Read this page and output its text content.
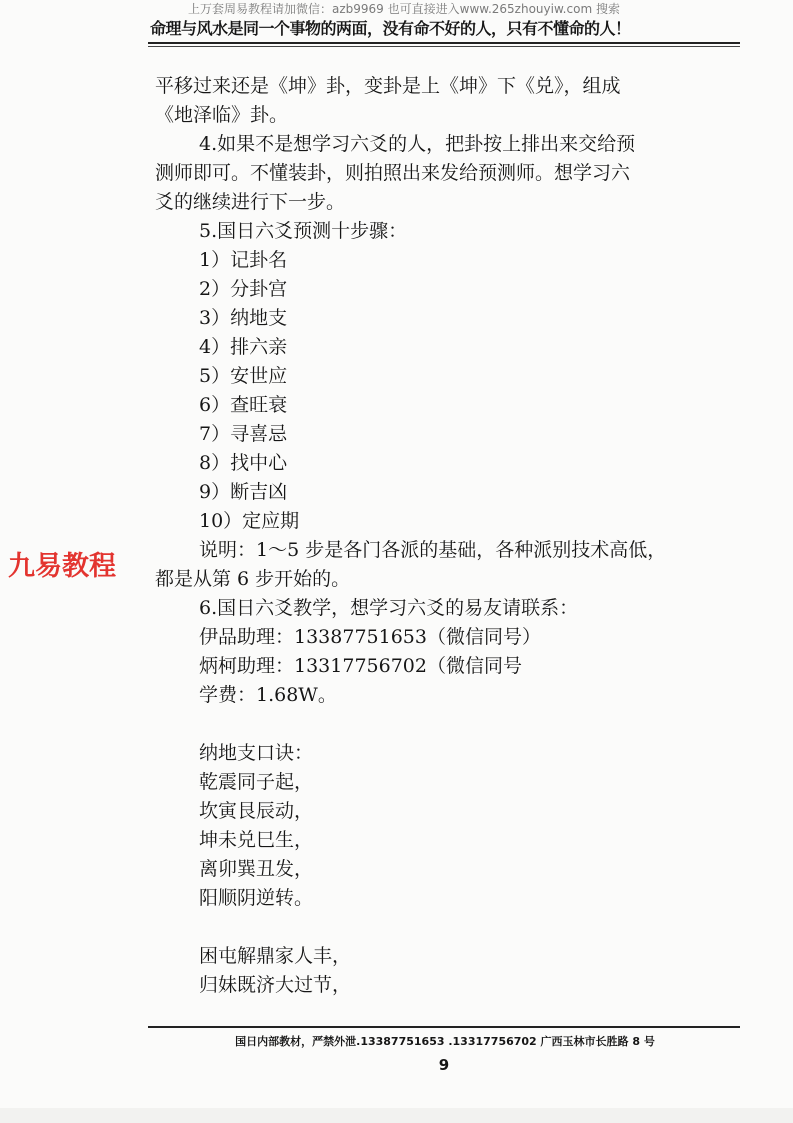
上万套周易教程请加微信：azb9969 也可直接进入www.265zhouyiw.com 搜索
命理与风水是同一个事物的两面，没有命不好的人，只有不懂命的人！
九易教程
平移过来还是《坤》卦，变卦是上《坤》下《兑》，组成
《地泽临》卦。
4.如果不是想学习六爻的人，把卦按上排出来交给预
测师即可。不懂装卦，则拍照出来发给预测师。想学习六
爻的继续进行下一步。
5.国日六爻预测十步骤：
1）记卦名
2）分卦宫
3）纳地支
4）排六亲
5）安世应
6）查旺衰
7）寻喜忌
8）找中心
9）断吉凶
10）定应期
说明：1～5 步是各门各派的基础，各种派别技术高低，
都是从第 6 步开始的。
6.国日六爻教学，想学习六爻的易友请联系：
伊品助理：13387751653（微信同号）
炳柯助理：13317756702（微信同号
学费：1.68W。
纳地支口诀：
乾震同子起，
坎寅艮辰动，
坤未兑巳生，
离卯巽丑发，
阳顺阴逆转。
困屯解鼎家人丰，
归妹既济大过节，
国日内部教材，严禁外泄.13387751653 .13317756702 广西玉林市长胜路 8 号
9
